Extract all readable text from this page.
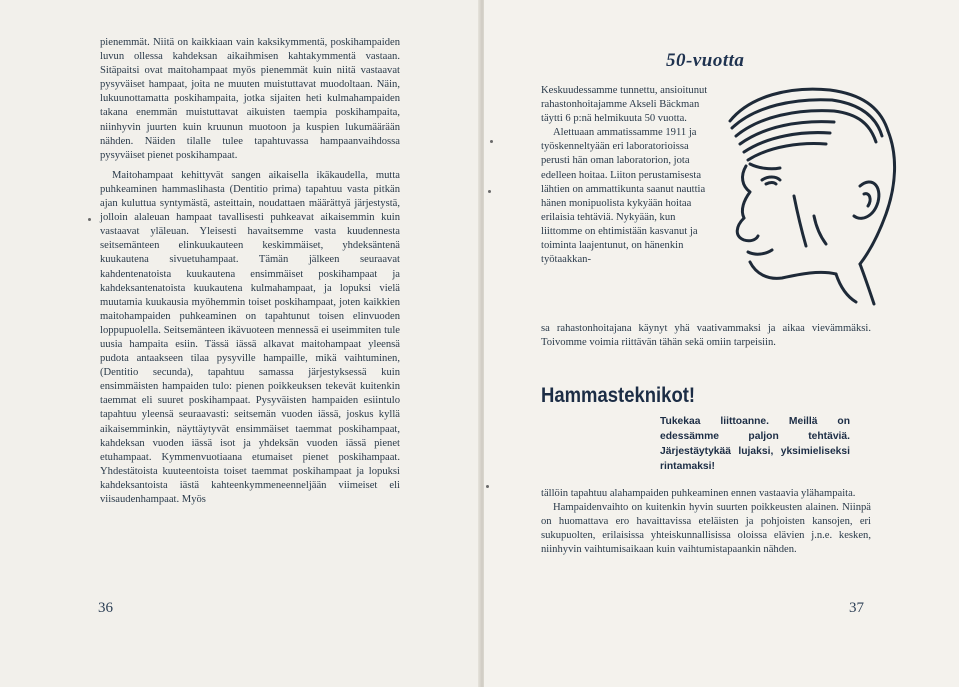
pienemmät. Niitä on kaikkiaan vain kaksikymmentä, poskihampaiden luvun ollessa kahdeksan aikaihmisen kahtakymmentä vastaan. Sitäpaitsi ovat maitohampaat myös pienemmät kuin niitä vastaavat pysyväiset hampaat, joita ne muuten muistuttavat muodoltaan. Näin, lukuunottamatta poskihampaita, jotka sijaiten heti kulmahampaiden takana enemmän muistuttavat aikuisten taempia poskihampaita, niinhyvin juurten kuin kruunun muotoon ja kuspien lukumäärään nähden. Näiden tilalle tulee tapahtuvassa hampaanvaihdossa pysyväiset pienet poskihampaat.

Maitohampaat kehittyvät sangen aikaisella ikäkaudella, mutta puhkeaminen hammaslihasta (Dentitio prima) tapahtuu vasta pitkän ajan kuluttua syntymästä, asteittain, noudattaen määrättyä järjestystä, jolloin alaleuan hampaat tavallisesti puhkeavat aikaisemmin kuin vastaavat yläleuan. Yleisesti havaitsemme vasta kuudennesta seitsemänteen elinkuukauteen keskimmäiset, yhdeksäntenä kuukautena sivuetuhampaat. Tämän jälkeen seuraavat kahdentenatoista kuukautena ensimmäiset poskihampaat ja kahdeksantenatoista kuukautena kulmahampaat, ja lopuksi vielä muutamia kuukausia myöhemmin toiset poskihampaat, joten kaikkien maitohampaiden puhkeaminen on tapahtunut toisen elinvuoden loppupuolella. Seitsemänteen ikävuoteen mennessä ei useimmiten tule uusia hampaita esiin. Tässä iässä alkavat maitohampaat yleensä pudota antaakseen tilaa pysyville hampaille, mikä vaihtuminen, (Dentitio secunda), tapahtuu samassa järjestyksessä kuin ensimmäisten hampaiden tulo: pienen poikkeuksen tekevät kuitenkin taemmat eli suuret poskihampaat. Pysyväisten hampaiden esiintulo tapahtuu yleensä seuraavasti: seitsemän vuoden iässä, joskus kyllä aikaisemminkin, näyttäytyvät ensimmäiset taemmat poskihampaat, kahdeksan vuoden iässä isot ja yhdeksän vuoden iässä pienet etuhampaat. Kymmenvuotiaana etumaiset pienet poskihampaat. Yhdestätoista kuuteentoista toiset taemmat poskihampaat ja lopuksi kahdeksantoista iästä kahteenkymmeneenneljään viimeiset eli viisaudenhampaat. Myös

36
50-vuotta

Keskuudessamme tunnettu, ansioitunut rahastonhoitajamme Akseli Bäckman täytti 6 p:nä helmikuuta 50 vuotta.

Alettuaan ammatissamme 1911 ja työskenneltyään eri laboratorioissa perusti hän oman laboratorion, jota edelleen hoitaa. Liiton perustamisesta lähtien on ammattikunta saanut nauttia hänen monipuolista kykyään hoitaa erilaisia tehtäviä. Nykyään, kun liittomme on ehtimistään kasvanut ja toiminta laajentunut, on hänenkin työtaakkan-

sa rahastonhoitajana käynyt yhä vaativammaksi ja aikaa vievämmäksi. Toivomme voimia riittävän tähän sekä omiin tarpeisiin.
Hammasteknikot!
Tukekaa liittoanne. Meillä on edessämme paljon tehtäviä. Järjestäytykää lujaksi, yksimieliseksi rintamaksi!

tällöin tapahtuu alahampaiden puhkeaminen ennen vastaavia ylähampaita.

Hampaidenvaihto on kuitenkin hyvin suurten poikkeusten alainen. Niinpä on huomattava ero havaittavissa eteläisten ja pohjoisten kansojen, eri sukupuolten, erilaisissa yhteiskunnallisissa oloissa elävien j.n.e. kesken, niinhyvin vaihtumisaikaan kuin vaihtumistapaankin nähden.

37
